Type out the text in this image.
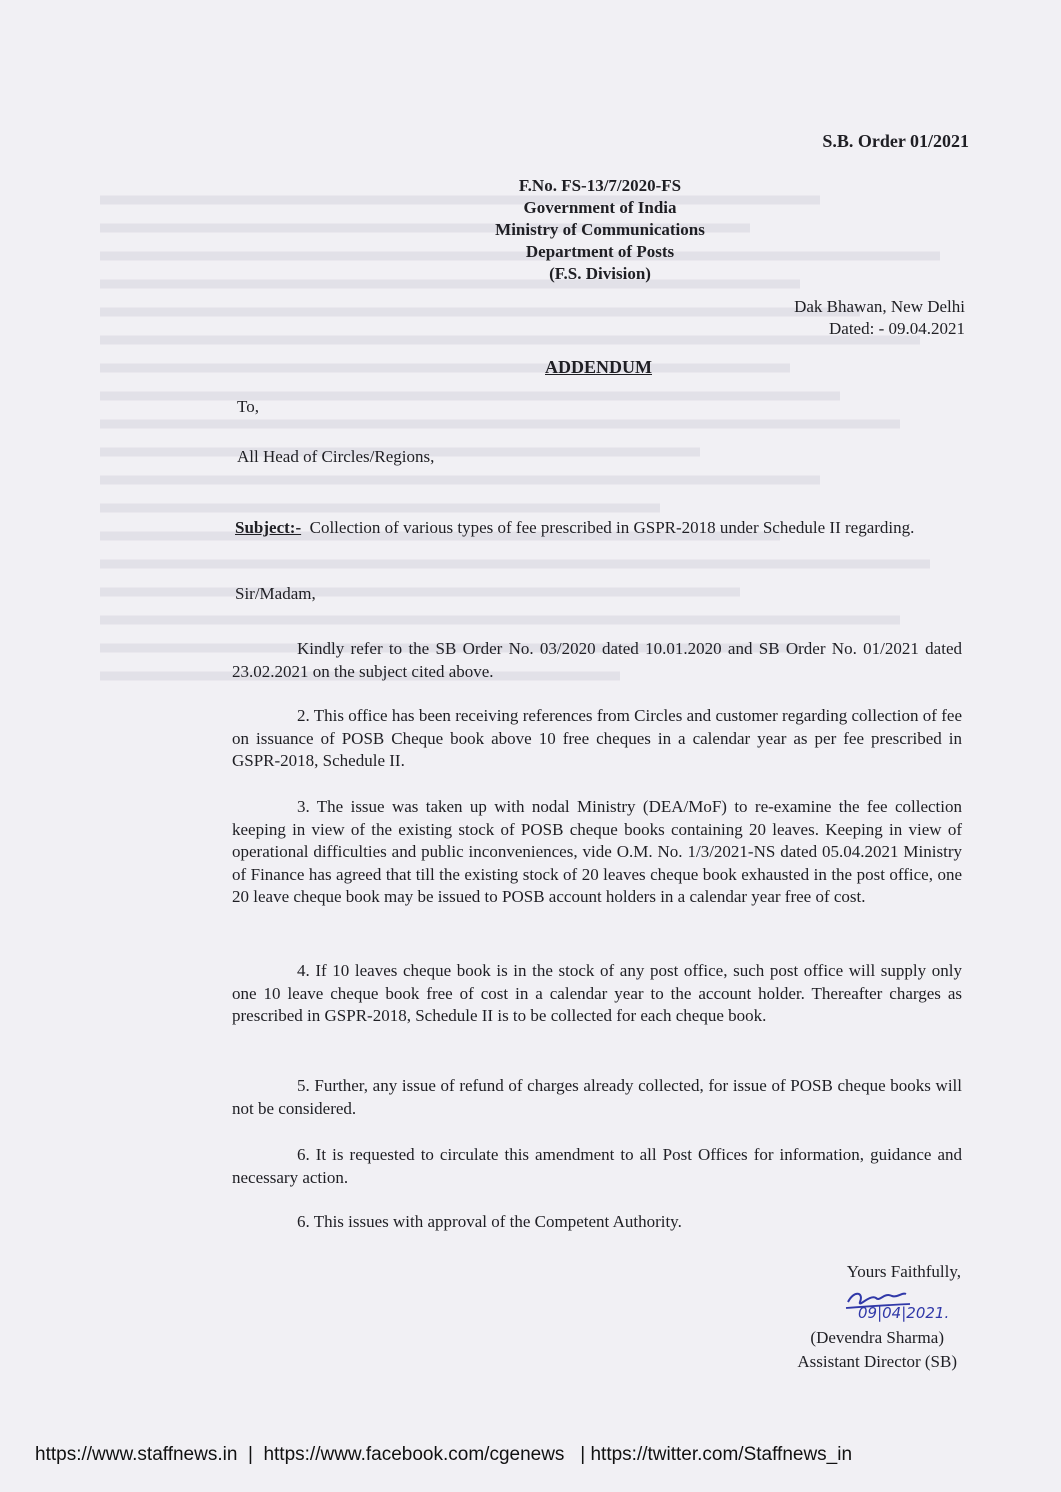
S.B. Order 01/2021
F.No. FS-13/7/2020-FS
Government of India
Ministry of Communications
Department of Posts
(F.S. Division)
Dak Bhawan, New Delhi
Dated: - 09.04.2021
ADDENDUM
To,
All Head of Circles/Regions,
Subject:- Collection of various types of fee prescribed in GSPR-2018 under Schedule II regarding.
Sir/Madam,
Kindly refer to the SB Order No. 03/2020 dated 10.01.2020 and SB Order No. 01/2021 dated 23.02.2021 on the subject cited above.
2. This office has been receiving references from Circles and customer regarding collection of fee on issuance of POSB Cheque book above 10 free cheques in a calendar year as per fee prescribed in GSPR-2018, Schedule II.
3. The issue was taken up with nodal Ministry (DEA/MoF) to re-examine the fee collection keeping in view of the existing stock of POSB cheque books containing 20 leaves. Keeping in view of operational difficulties and public inconveniences, vide O.M. No. 1/3/2021-NS dated 05.04.2021 Ministry of Finance has agreed that till the existing stock of 20 leaves cheque book exhausted in the post office, one 20 leave cheque book may be issued to POSB account holders in a calendar year free of cost.
4. If 10 leaves cheque book is in the stock of any post office, such post office will supply only one 10 leave cheque book free of cost in a calendar year to the account holder. Thereafter charges as prescribed in GSPR-2018, Schedule II is to be collected for each cheque book.
5. Further, any issue of refund of charges already collected, for issue of POSB cheque books will not be considered.
6. It is requested to circulate this amendment to all Post Offices for information, guidance and necessary action.
6. This issues with approval of the Competent Authority.
Yours Faithfully,
09|04|2021.
(Devendra Sharma)
Assistant Director (SB)
https://www.staffnews.in  |  https://www.facebook.com/cgenews   | https://twitter.com/Staffnews_in
